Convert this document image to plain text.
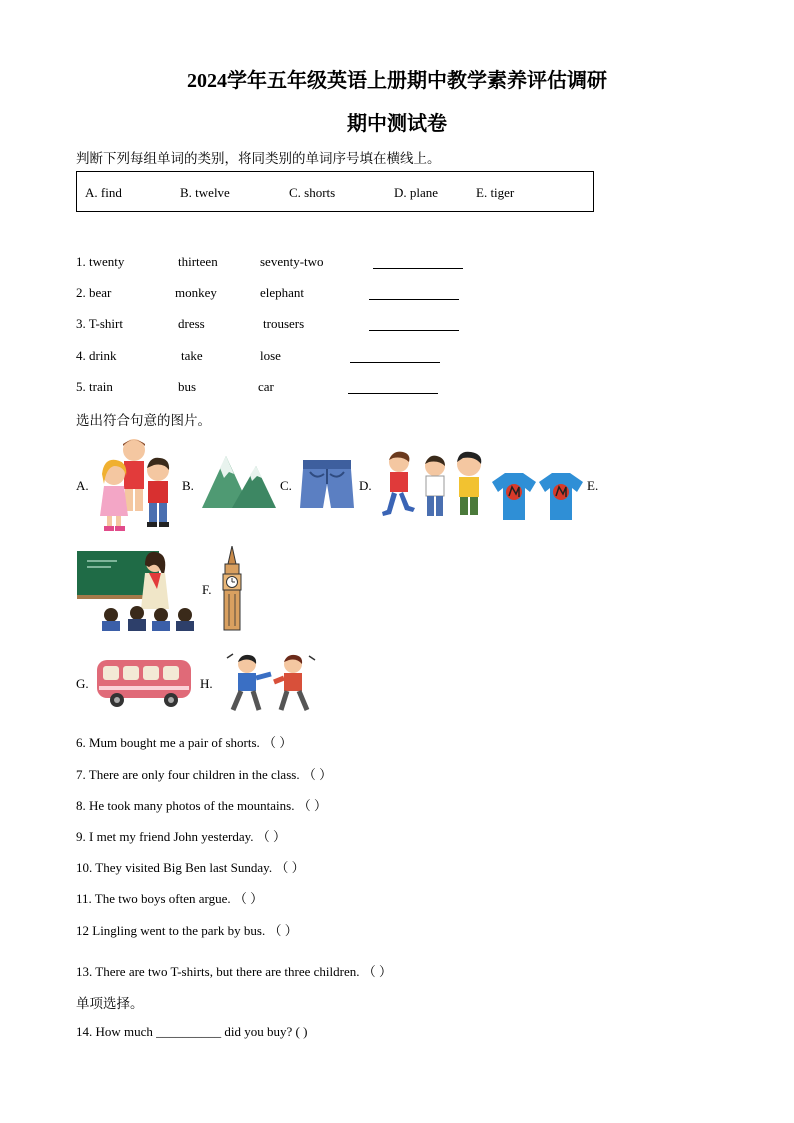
2024学年五年级英语上册期中教学素养评估调研
期中测试卷
判断下列每组单词的类别，将同类别的单词序号填在横线上。
A. find	B. twelve	C. shorts	D. plane	E. tiger
1. twenty	thirteen	seventy-two
2. bear	monkey	elephant
3. T-shirt	dress	trousers
4. drink	take	lose
5. train	bus	car
选出符合句意的图片。
A.	B.	C.	D.	E.
F.
G.	H.
6. Mum bought me a pair of shorts. （ ）
7. There are only four children in the class. （ ）
8. He took many photos of the mountains. （ ）
9. I met my friend John yesterday. （ ）
10. They visited Big Ben last Sunday. （ ）
11. The two boys often argue. （ ）
12 Lingling went to the park by bus. （ ）
13. There are two T-shirts, but there are three children. （ ）
单项选择。
14. How much __________ did you buy? ( )
